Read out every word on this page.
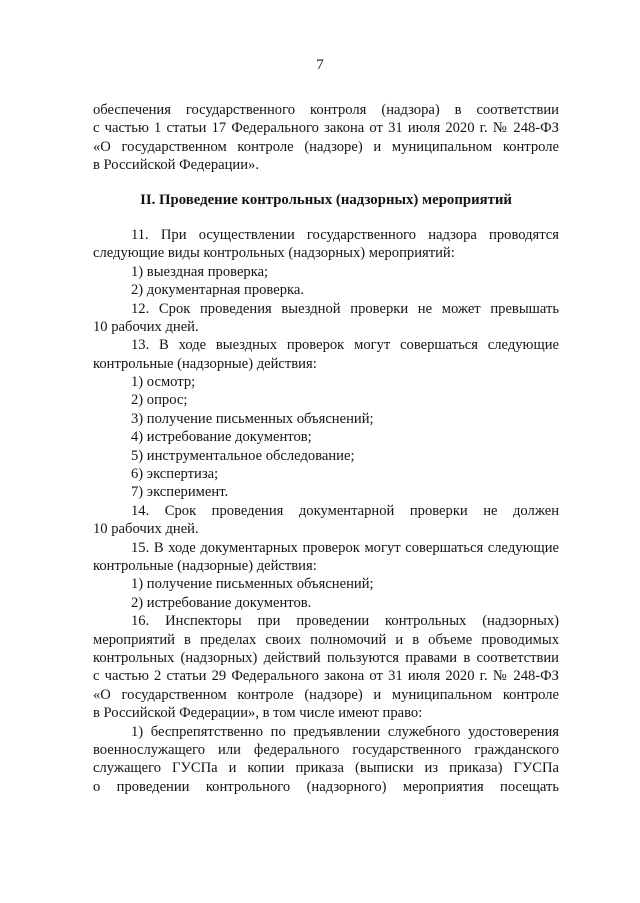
7
обеспечения государственного контроля (надзора) в соответствии
с частью 1 статьи 17 Федерального закона от 31 июля 2020 г. № 248-ФЗ
«О государственном контроле (надзоре) и муниципальном контроле
в Российской Федерации».
II. Проведение контрольных (надзорных) мероприятий
11. При осуществлении государственного надзора проводятся
следующие виды контрольных (надзорных) мероприятий:
1) выездная проверка;
2) документарная проверка.
12. Срок проведения выездной проверки не может превышать
10 рабочих дней.
13. В ходе выездных проверок могут совершаться следующие
контрольные (надзорные) действия:
1) осмотр;
2) опрос;
3) получение письменных объяснений;
4) истребование документов;
5) инструментальное обследование;
6) экспертиза;
7) эксперимент.
14. Срок проведения документарной проверки не должен
10 рабочих дней.
15. В ходе документарных проверок могут совершаться следующие
контрольные (надзорные) действия:
1) получение письменных объяснений;
2) истребование документов.
16. Инспекторы при проведении контрольных (надзорных)
мероприятий в пределах своих полномочий и в объеме проводимых
контрольных (надзорных) действий пользуются правами в соответствии
с частью 2 статьи 29 Федерального закона от 31 июля 2020 г. № 248-ФЗ
«О государственном контроле (надзоре) и муниципальном контроле
в Российской Федерации», в том числе имеют право:
1) беспрепятственно по предъявлении служебного удостоверения
военнослужащего или федерального государственного гражданского
служащего ГУСПа и копии приказа (выписки из приказа) ГУСПа
о проведении контрольного (надзорного) мероприятия посещать
